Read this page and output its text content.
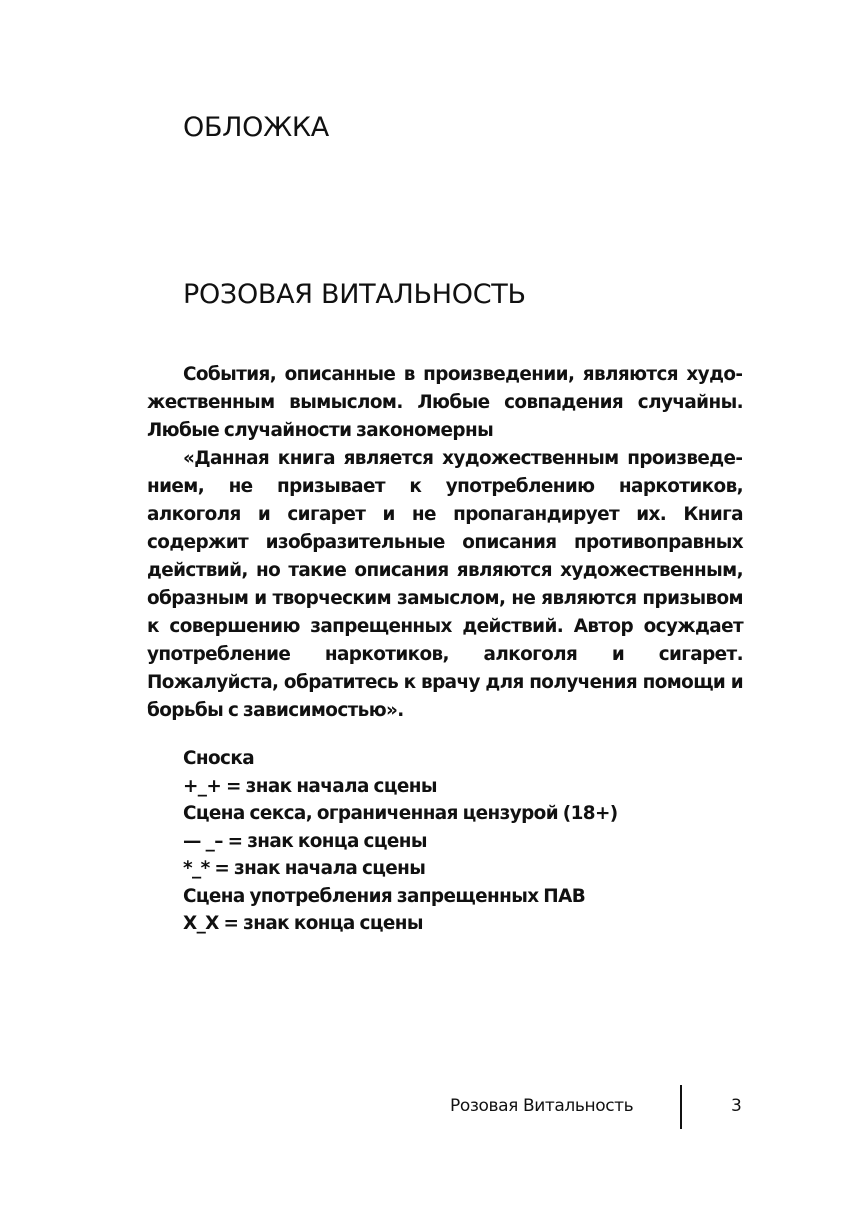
ОБЛОЖКА
РОЗОВАЯ ВИТАЛЬНОСТЬ

Cобытия, описанные в произведении, являются художественным вымыслом. Любые совпадения случайны. Любые случайности закономерны

«Данная книга является художественным произведением, не призывает к употреблению наркотиков, алкоголя и сигарет и не пропагандирует их. Книга содержит изобразительные описания противоправных действий, но такие описания являются художественным, образным и творческим замыслом, не являются призывом к совершению запрещенных действий. Автор осуждает употребление наркотиков, алкоголя и сигарет. Пожалуйста, обратитесь к врачу для получения помощи и борьбы с зависимостью».

Сноска
+_+ = знак начала сцены
Сцена секса, ограниченная цензурой (18+)
— _– = знак конца сцены
*_* = знак начала сцены
Сцена употребления запрещенных ПАВ
X_X = знак конца сцены
Розовая Витальность	3
